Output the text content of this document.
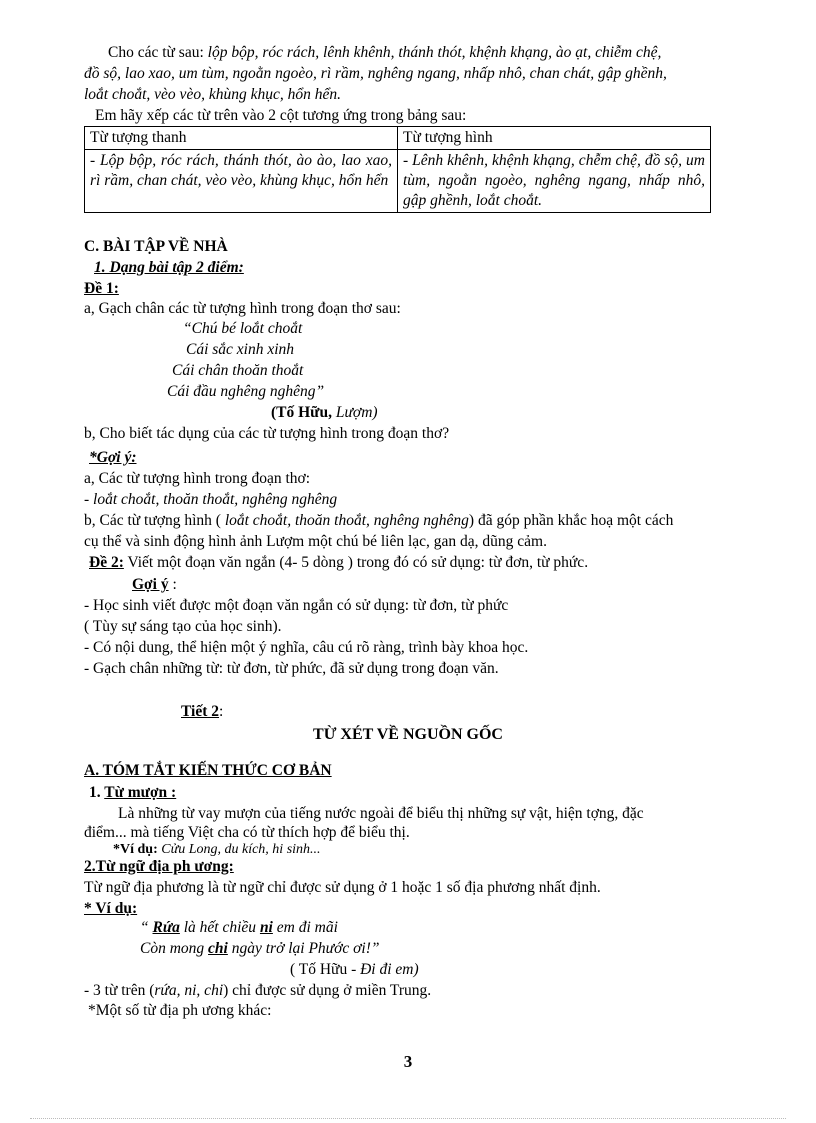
Cho các từ sau: lộp bộp, róc rách, lênh khênh, thánh thót, khệnh khạng, ào ạt, chiễm chệ,
đồ sộ, lao xao, um tùm, ngoằn ngoèo, rì rầm, nghêng ngang, nhấp nhô, chan chát, gập ghềnh,
loắt choắt, vèo vèo, khùng khục, hổn hển.
Em hãy xếp các từ trên vào 2 cột tương ứng trong bảng sau:
Từ tượng thanh	Từ tượng hình
- Lộp bộp, róc rách, thánh thót, ào ào, lao xao, rì rầm, chan chát, vèo vèo, khùng khục, hổn hển	- Lênh khênh, khệnh khạng, chễm chệ, đồ sộ, um tùm, ngoằn ngoèo, nghêng ngang, nhấp nhô, gập ghềnh, loắt choắt.
C. BÀI TẬP VỀ NHÀ
1. Dạng bài tập 2 điểm:
Đề 1:
a, Gạch chân các từ tượng hình trong đoạn thơ sau:
“Chú bé loắt choắt
Cái sắc xinh xinh
Cái chân thoăn thoắt
Cái đầu nghêng nghêng”
(Tố Hữu, Lượm)
b, Cho biết tác dụng của các từ tượng hình trong đoạn thơ?
*Gợi ý:
a, Các từ tượng hình trong đoạn thơ:
- loắt choắt, thoăn thoắt, nghêng nghêng
b, Các từ tượng hình ( loắt choắt, thoăn thoắt, nghêng nghêng) đã góp phần khắc hoạ một cách
cụ thể và sinh động hình ảnh Lượm một chú bé liên lạc, gan dạ, dũng cảm.
Đề 2: Viết một đoạn văn ngắn (4- 5 dòng ) trong đó có sử dụng: từ đơn, từ phức.
Gợi ý :
- Học sinh viết được một đoạn văn ngắn có sử dụng: từ đơn, từ phức
( Tùy sự sáng tạo của học sinh).
- Có nội dung, thể hiện một ý nghĩa, câu cú rõ ràng, trình bày khoa học.
- Gạch chân những từ: từ đơn, từ phức, đã sử dụng trong đoạn văn.
Tiết 2:
TỪ XÉT VỀ NGUỒN GỐC
A. TÓM TẮT KIẾN THỨC CƠ BẢN
1. Từ mượn :
Là những từ vay mượn của tiếng nước ngoài để biểu thị những sự vật, hiện tợng, đặc
điểm... mà tiếng Việt cha có từ thích hợp để biểu thị.
*Ví dụ: Cửu Long, du kích, hi sinh...
2.Từ ngữ địa ph ương:
Từ ngữ địa phương là từ ngữ chỉ được sử dụng ở 1 hoặc 1 số địa phương nhất định.
* Ví dụ:
“ Rứa là hết chiều ni em đi mãi
Còn mong chi ngày trở lại Phước ơi!”
( Tố Hữu - Đi đi em)
- 3 từ trên (rứa, ni, chi) chỉ được sử dụng ở miền Trung.
*Một số từ địa ph ương khác:
3
